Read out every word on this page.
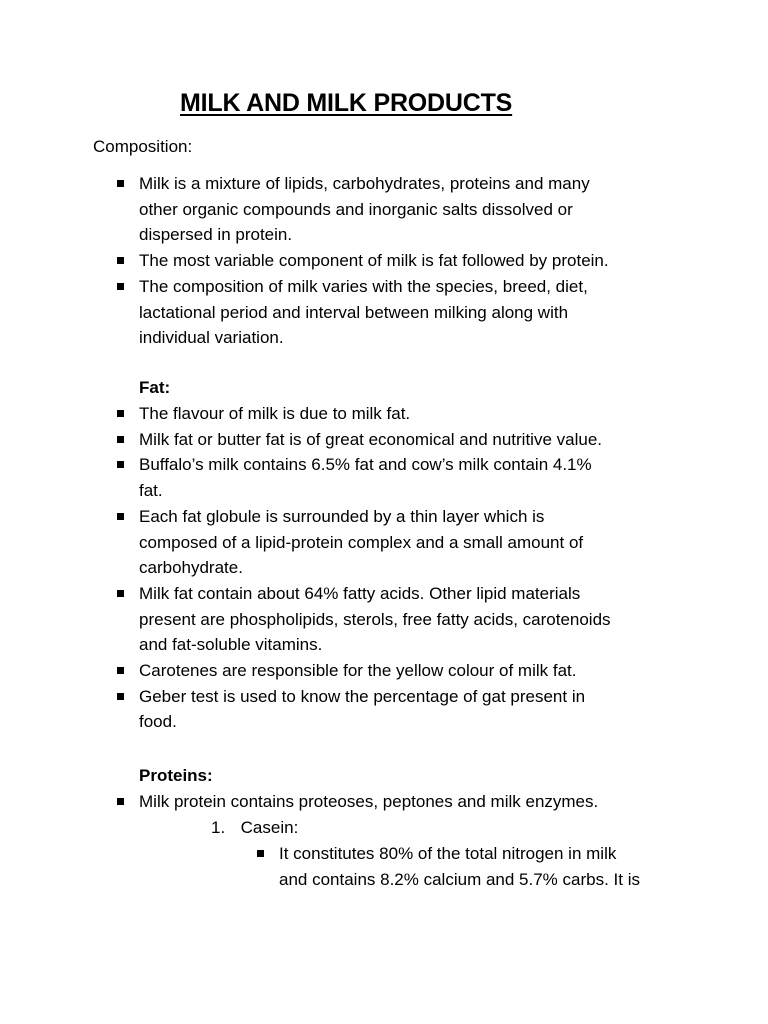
MILK AND MILK PRODUCTS
Composition:
Milk is a mixture of lipids, carbohydrates, proteins and many
other organic compounds and inorganic salts dissolved or
dispersed in protein.
The most variable component of milk is fat followed by protein.
The composition of milk varies with the species, breed, diet,
lactational period and interval between milking along with
individual variation.
Fat:
The flavour of milk is due to milk fat.
Milk fat or butter fat is of great economical and nutritive value.
Buffalo’s milk contains 6.5% fat and cow’s milk contain 4.1%
fat.
Each fat globule is surrounded by a thin layer which is
composed of a lipid-protein complex and a small amount of
carbohydrate.
Milk fat contain about 64% fatty acids. Other lipid materials
present are phospholipids, sterols, free fatty acids, carotenoids
and fat-soluble vitamins.
Carotenes are responsible for the yellow colour of milk fat.
Geber test is used to know the percentage of gat present in
food.
Proteins:
Milk protein contains proteoses, peptones and milk enzymes.
1. Casein:
It constitutes 80% of the total nitrogen in milk
and contains 8.2% calcium and 5.7% carbs. It is
